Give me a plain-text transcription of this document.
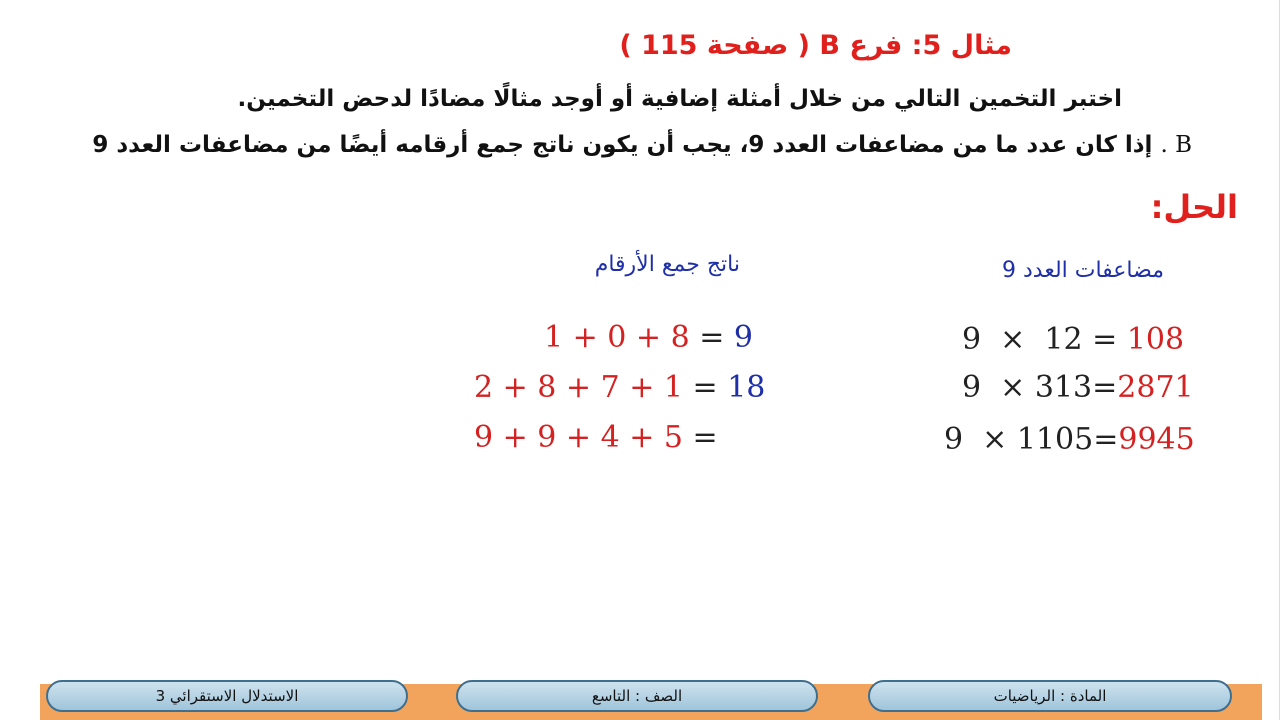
مثال 5: فرع B ( صفحة 115 )
اختبر التخمين التالي من خلال أمثلة إضافية أو أوجد مثالًا مضادًا لدحض التخمين.
B . إذا كان عدد ما من مضاعفات العدد 9، يجب أن يكون ناتج جمع أرقامه أيضًا من مضاعفات العدد 9
الحل:
مضاعفات العدد 9
ناتج جمع الأرقام
9 × 12 = 108
9 × 313=2871
9 × 1105=9945
1 + 0 + 8 = 9
2 + 8 + 7 + 1 = 18
9 + 9 + 4 + 5 =
الاستدلال الاستقرائي 3	الصف : التاسع	المادة : الرياضيات
